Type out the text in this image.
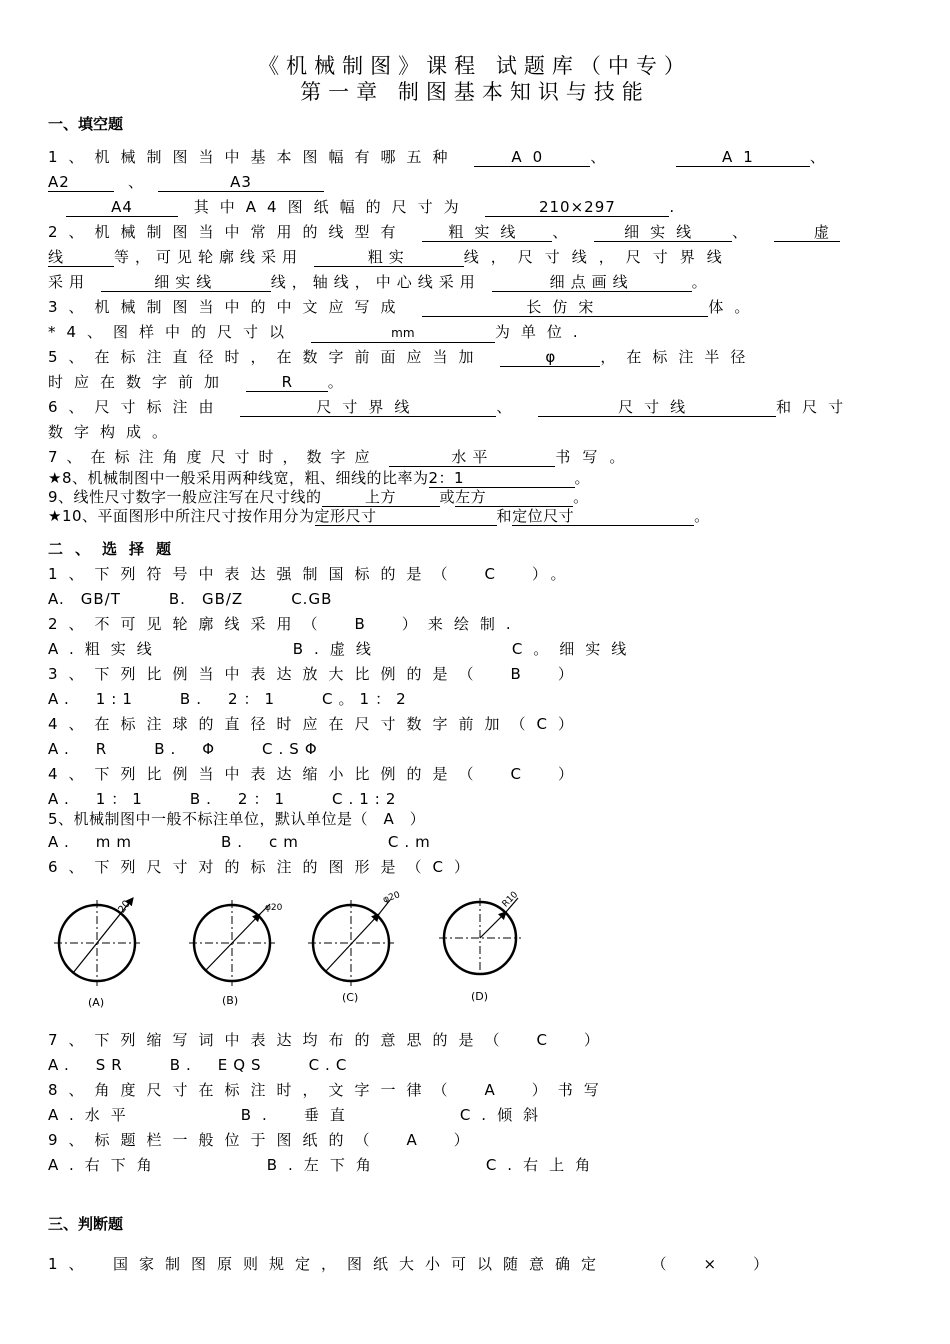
《机械制图》课程 试题库（中专）
第一章 制图基本知识与技能
一、填空题
1、机械制图当中基本图幅有哪五种	A0 、	A1	、
A2	、	A3
A4	其中A4图纸幅的尺寸为	210×297	.
2、机械制图当中常用的线型有	粗实线 、	细实线 、	虚
线	等，可见轮廓线采用	粗实	线，尺寸线，尺寸界线
采用	细实线	线，轴线，中心线采用	细点画线	。
3、机械制图当中的中文应写成	长仿宋	体。
*4、图样中的尺寸以	mm	为单位.
5、在标注直径时，在数字前面应当加	φ	，在标注半径
时应在数字前加	R 。
6、尺寸标注由	尺寸界线	、	尺寸线	和尺寸
数字构成。
7、在标注角度尺寸时，数字应	水平	书写。
★8、机械制图中一般采用两种线宽，粗、细线的比率为2：1	。
9、线性尺寸数字一般应注写在尺寸线的	上方	或左方	。
★10、平面图形中所注尺寸按作用分为定形尺寸	和定位尺寸	。
二、选择题
1、下列符号中表达强制国标的是（　C　）。
A.　GB/T　　　B.　GB/Z　　　C.GB
2、不可见轮廓线采用（　B　）来绘制.
A.粗实线　　　　　B.虚线　　　　　C。细实线
3、下列比例当中表达放大比例的是（　B　）
A.　1:1　　B.　2：1　　C。1：2
4、在标注球的直径时应在尺寸数字前加（C）
A.　R　　B.　Φ　　C.SΦ
4、下列比例当中表达缩小比例的是（　C　）
A.　1：1　　B.　2：1　　C.1:2
5、机械制图中一般不标注单位，默认单位是（　A　）
A.　mm　　　　B.　cm　　　　C.m
6、下列尺寸对的标注的图形是（C）
20
(A)
φ20
(B)
φ20
(C)
R10
(D)
7、下列缩写词中表达均布的意思的是（　C　）
A.　SR　　B.　EQS　　C.C
8、角度尺寸在标注时，文字一律（　A　）书写
A.水平　　　　B.　垂直　　　　C.倾斜
9、标题栏一般位于图纸的（　A　）
A.右下角　　　　B.左下角　　　　C.右上角
三、判断题
1、　国家制图原则规定，图纸大小可以随意确定　　（　×　）
